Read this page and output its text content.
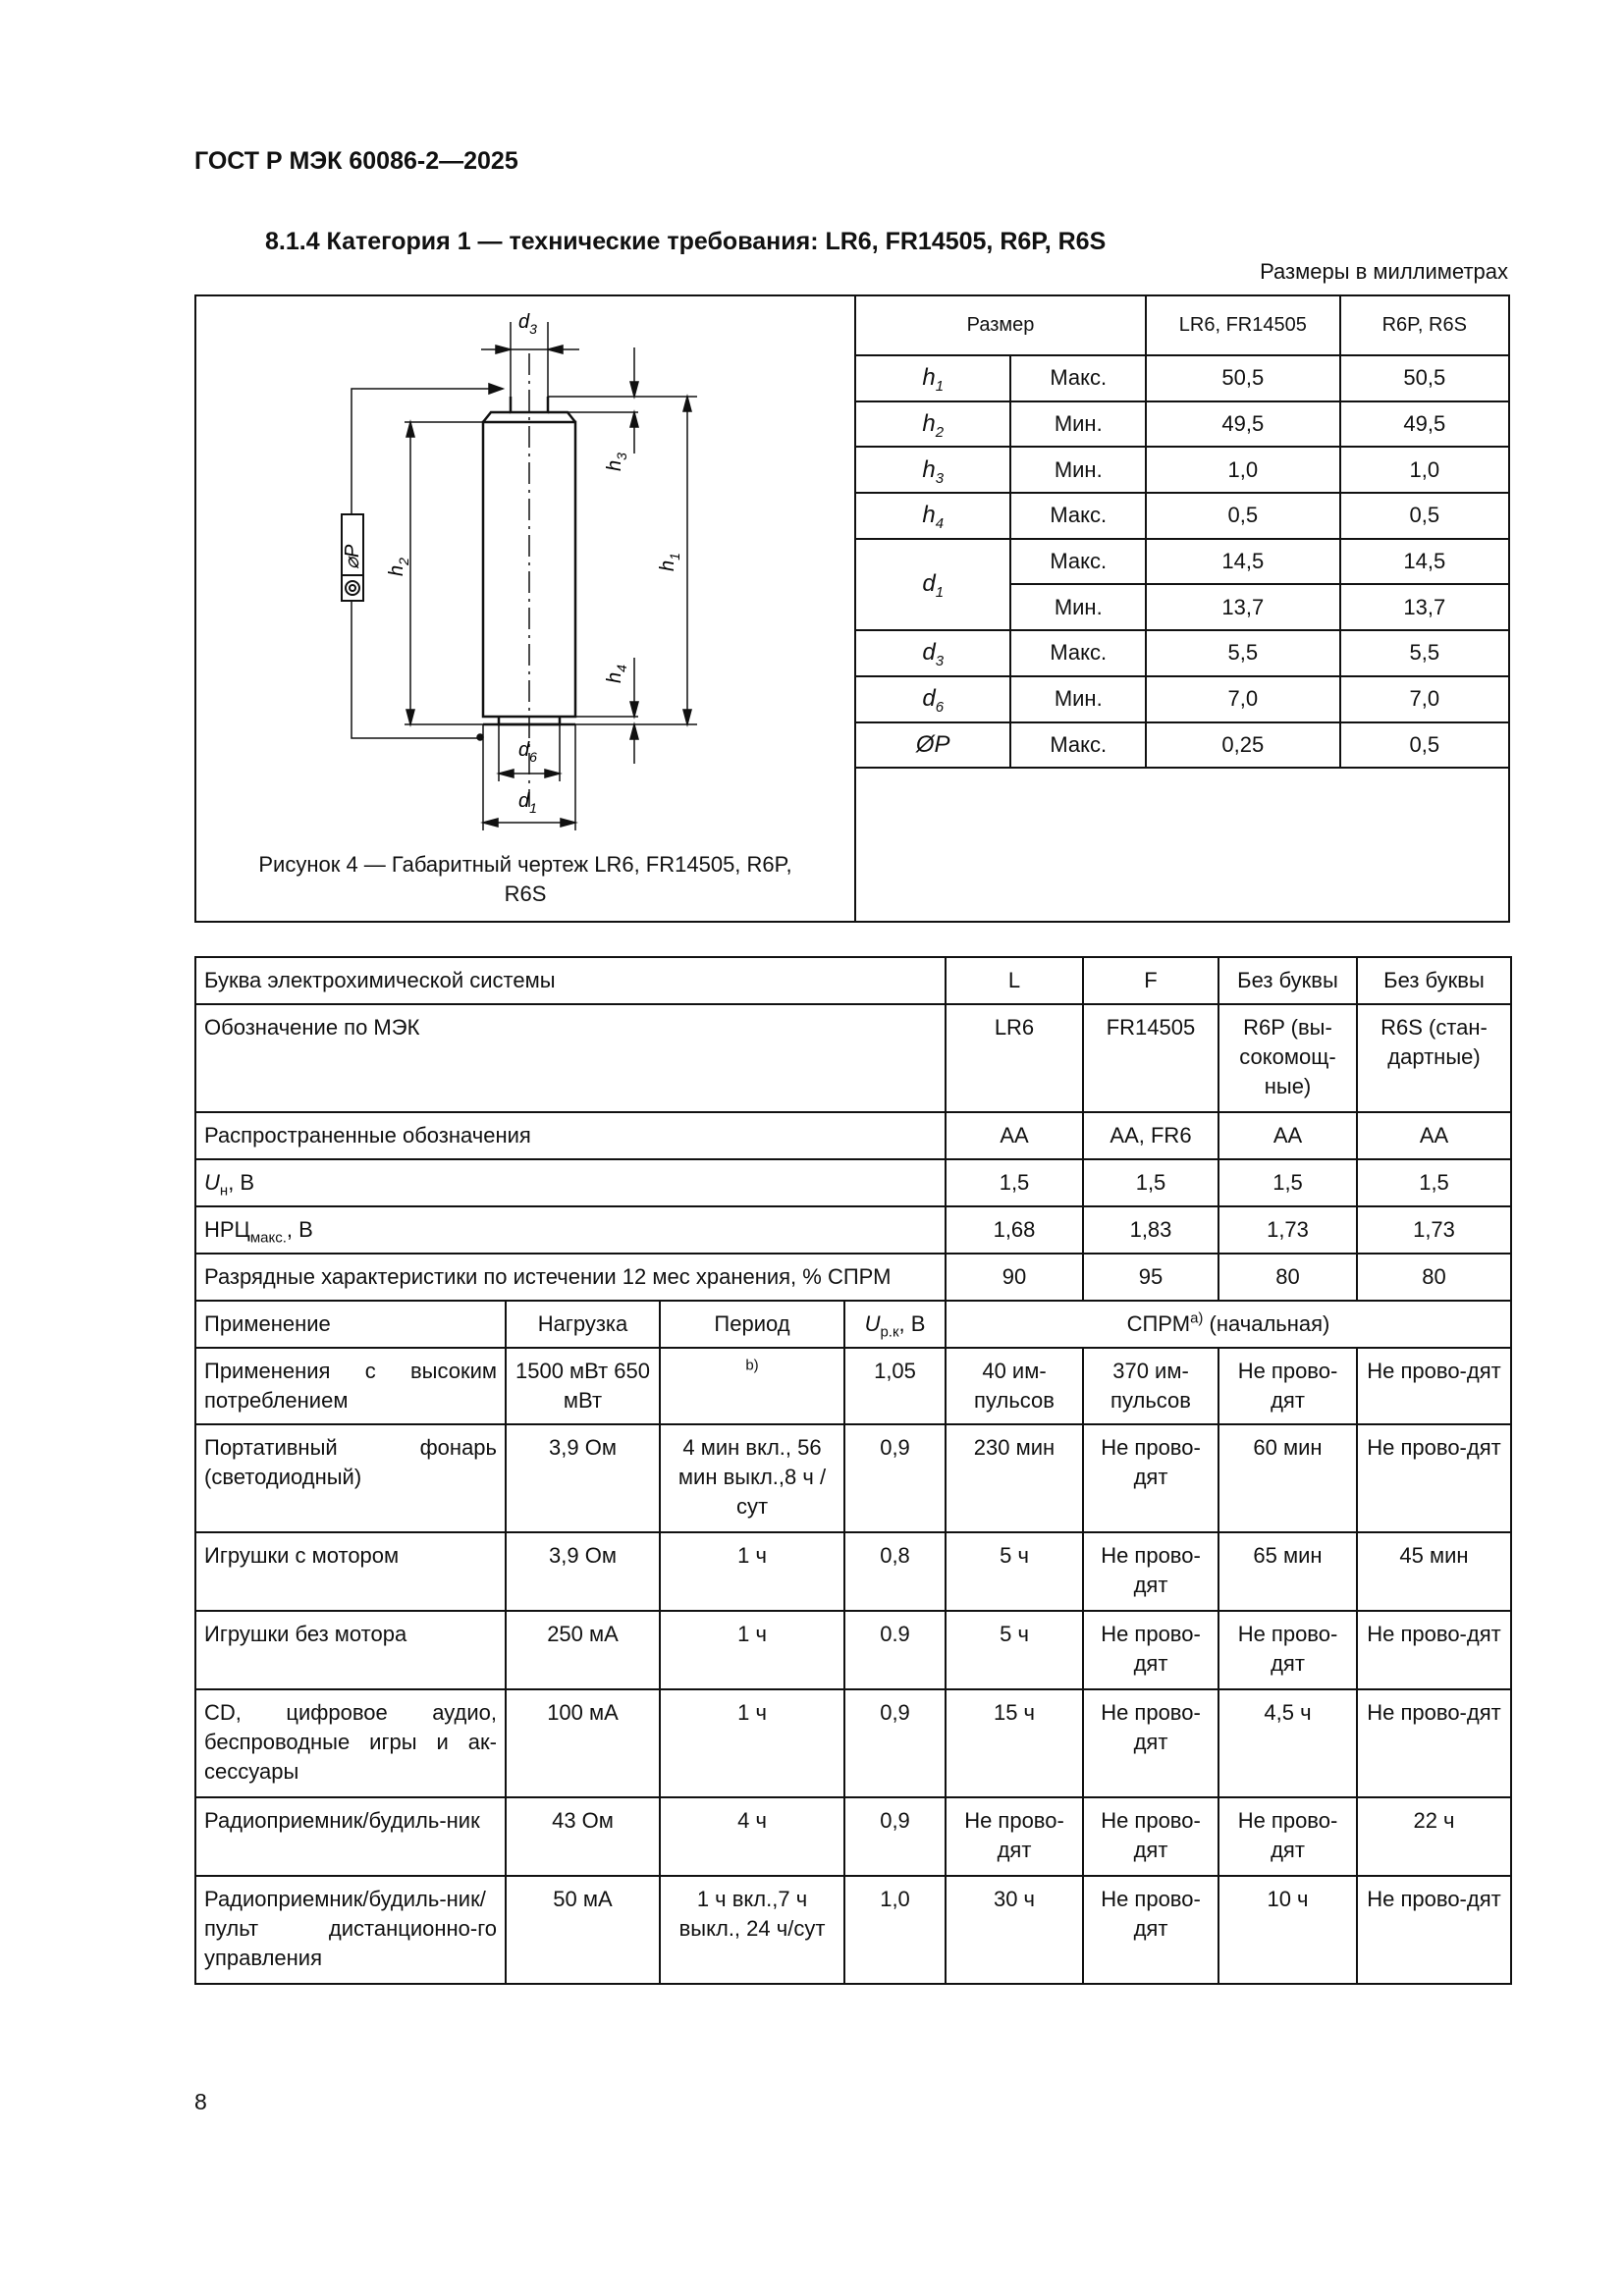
ГОСТ Р МЭК 60086-2—2025
8.1.4 Категория 1 — технические требования: LR6, FR14505, R6P, R6S
Размеры в миллиметрах
⌀P
$d_3$
$d_6$
$d_1$
$h_1$
$h_2$
$h_3$
$h_4$
Рисунок 4 — Габаритный чертеж LR6, FR14505, R6P,
R6S
Размер		LR6, FR14505	R6P, R6S
$h_1$	Макс.	50,5	50,5
$h_2$	Мин.	49,5	49,5
$h_3$	Мин.	1,0	1,0
$h_4$	Макс.	0,5	0,5
$d_1$	Макс.	14,5	14,5
	Мин.	13,7	13,7
$d_3$	Макс.	5,5	5,5
$d_6$	Мин.	7,0	7,0
ØP	Макс.	0,25	0,5
Буква электрохимической системы				L	F	Без буквы	Без буквы
Обозначение по МЭК				LR6	FR14505	R6P (вы-сокомощ-ные)	R6S (стан-дартные)
Распространенные обозначения				AA	AA, FR6	AA	AA
$U_н$, В				1,5	1,5	1,5	1,5
$НРЦ_{макс.}$, В				1,68	1,83	1,73	1,73
Разрядные характеристики по истечении 12 мес хранения, % СПРМ				90	95	80	80
Применение	Нагрузка	Период	$U_{р.к}$, В	$СПРМ^{а)}$ (начальная)			
Применения с высоким потреблением	1500 мВт 650 мВт	$^{b)}$	1,05	40 им-пульсов	370 им-пульсов	Не прово-дят	Не прово-дят
Портативный фонарь (светодиодный)	3,9 Ом	4 мин вкл., 56 мин выкл.,8 ч /сут	0,9	230 мин	Не прово-дят	60 мин	Не прово-дят
Игрушки с мотором	3,9 Ом	1 ч	0,8	5 ч	Не прово-дят	65 мин	45 мин
Игрушки без мотора	250 мА	1 ч	0.9	5 ч	Не прово-дят	Не прово-дят	Не прово-дят
CD, цифровое аудио, беспроводные игры и ак-сессуары	100 мА	1 ч	0,9	15 ч	Не прово-дят	4,5 ч	Не прово-дят
Радиоприемник/будиль-ник	43 Ом	4 ч	0,9	Не прово-дят	Не прово-дят	Не прово-дят	22 ч
Радиоприемник/будиль-ник/пульт дистанционно-го управления	50 мА	1 ч вкл.,7 ч выкл., 24 ч/сут	1,0	30 ч	Не прово-дят	10 ч	Не прово-дят
8
